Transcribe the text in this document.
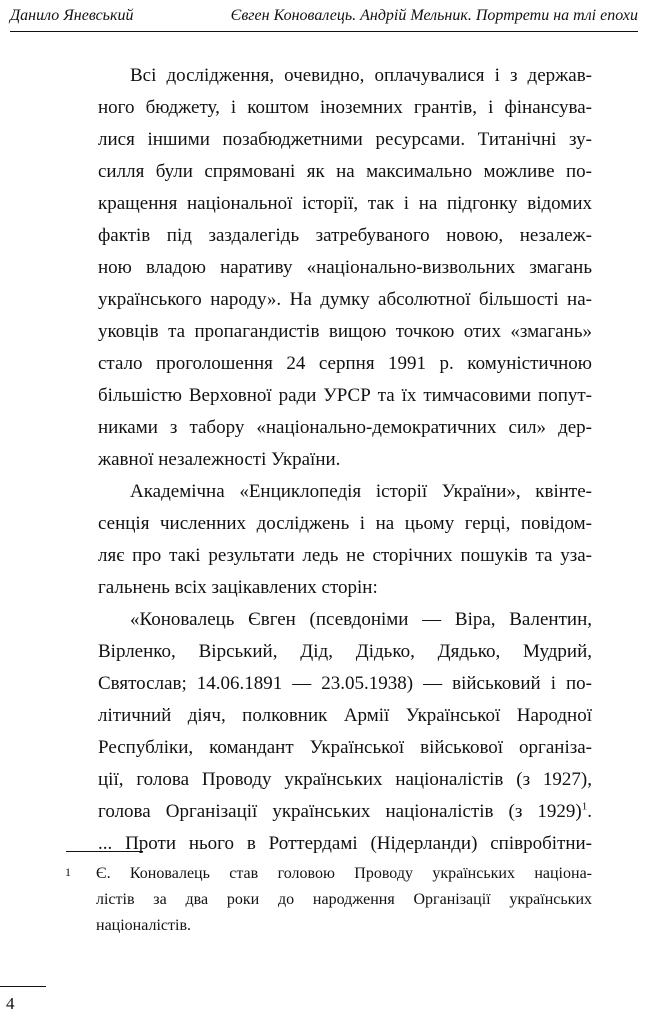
Данило Яневський	Євген Коновалець. Андрій Мельник. Портрети на тлі епохи
Всі дослідження, очевидно, оплачувалися і з держав-
ного бюджету, і коштом іноземних грантів, і фінансува-
лися іншими позабюджетними ресурсами. Титанічні зу-
силля були спрямовані як на максимально можливе по-
кращення національної історії, так і на підгонку відомих
фактів під заздалегідь затребуваного новою, незалеж-
ною владою наративу «національно-визвольних змагань
українського народу». На думку абсолютної більшості на-
уковців та пропагандистів вищою точкою отих «змагань»
стало проголошення 24 серпня 1991 р. комуністичною
більшістю Верховної ради УРСР та їх тимчасовими попут-
никами з табору «національно-демократичних сил» дер-
жавної незалежності України.
Академічна «Енциклопедія історії України», квінте-
сенція численних досліджень і на цьому герці, повідом-
ляє про такі результати ледь не сторічних пошуків та уза-
гальнень всіх зацікавлених сторін:
«Коновалець Євген (псевдоніми — Віра, Валентин,
Вірленко, Вірський, Дід, Дідько, Дядько, Мудрий,
Святослав; 14.06.1891 — 23.05.1938) — військовий і по-
літичний діяч, полковник Армії Української Народної
Республіки, командант Української військової організа-
ції, голова Проводу українських націоналістів (з 1927),
голова Організації українських націоналістів (з 1929)$^1$.
... Проти нього в Роттердамі (Нідерланди) співробітни-
1 Є. Коновалець став головою Проводу українських націона-
лістів за два роки до народження Організації українських
націоналістів.
4
